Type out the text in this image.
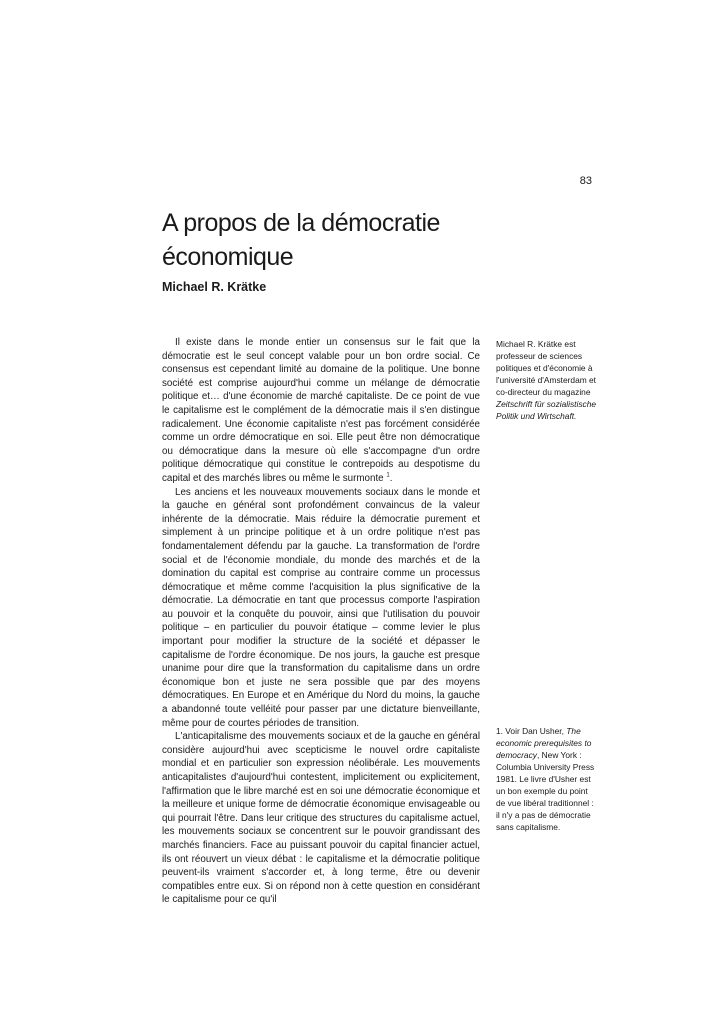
83
A propos de la démocratie
économique
Michael R. Krätke

Il existe dans le monde entier un consensus sur le fait que la démocratie est le seul concept valable pour un bon ordre social. Ce consensus est cependant limité au domaine de la politique. Une bonne société est comprise aujourd'hui comme un mélange de démocratie politique et… d'une économie de marché capitaliste. De ce point de vue le capitalisme est le complément de la démocratie mais il s'en distingue radicalement. Une économie capitaliste n'est pas forcément considérée comme un ordre démocratique en soi. Elle peut être non démocratique ou démocratique dans la mesure où elle s'accompagne d'un ordre politique démocratique qui constitue le contrepoids au despotisme du capital et des marchés libres ou même le surmonte $^1$.

Les anciens et les nouveaux mouvements sociaux dans le monde et la gauche en général sont profondément convaincus de la valeur inhérente de la démocratie. Mais réduire la démocratie purement et simplement à un principe politique et à un ordre politique n'est pas fondamentalement défendu par la gauche. La transformation de l'ordre social et de l'économie mondiale, du monde des marchés et de la domination du capital est comprise au contraire comme un processus démocratique et même comme l'acquisition la plus significative de la démocratie. La démocratie en tant que processus comporte l'aspiration au pouvoir et la conquête du pouvoir, ainsi que l'utilisation du pouvoir politique – en particulier du pouvoir étatique – comme levier le plus important pour modifier la structure de la société et dépasser le capitalisme de l'ordre économique. De nos jours, la gauche est presque unanime pour dire que la transformation du capitalisme dans un ordre économique bon et juste ne sera possible que par des moyens démocratiques. En Europe et en Amérique du Nord du moins, la gauche a abandonné toute velléité pour passer par une dictature bienveillante, même pour de courtes périodes de transition.

L'anticapitalisme des mouvements sociaux et de la gauche en général considère aujourd'hui avec scepticisme le nouvel ordre capitaliste mondial et en particulier son expression néolibérale. Les mouvements anticapitalistes d'aujourd'hui contestent, implicitement ou explicitement, l'affirmation que le libre marché est en soi une démocratie économique et la meilleure et unique forme de démocratie économique envisageable ou qui pourrait l'être. Dans leur critique des structures du capitalisme actuel, les mouvements sociaux se concentrent sur le pouvoir grandissant des marchés financiers. Face au puissant pouvoir du capital financier actuel, ils ont réouvert un vieux débat : le capitalisme et la démocratie politique peuvent-ils vraiment s'accorder et, à long terme, être ou devenir compatibles entre eux. Si on répond non à cette question en considérant le capitalisme pour ce qu'il

Michael R. Krätke est professeur de sciences politiques et d'économie à l'université d'Amsterdam et co-directeur du magazine Zeitschrift für sozialistische Politik und Wirtschaft.
1. Voir Dan Usher, The economic prerequisites to democracy, New York : Columbia University Press 1981. Le livre d'Usher est un bon exemple du point de vue libéral traditionnel : il n'y a pas de démocratie sans capitalisme.
